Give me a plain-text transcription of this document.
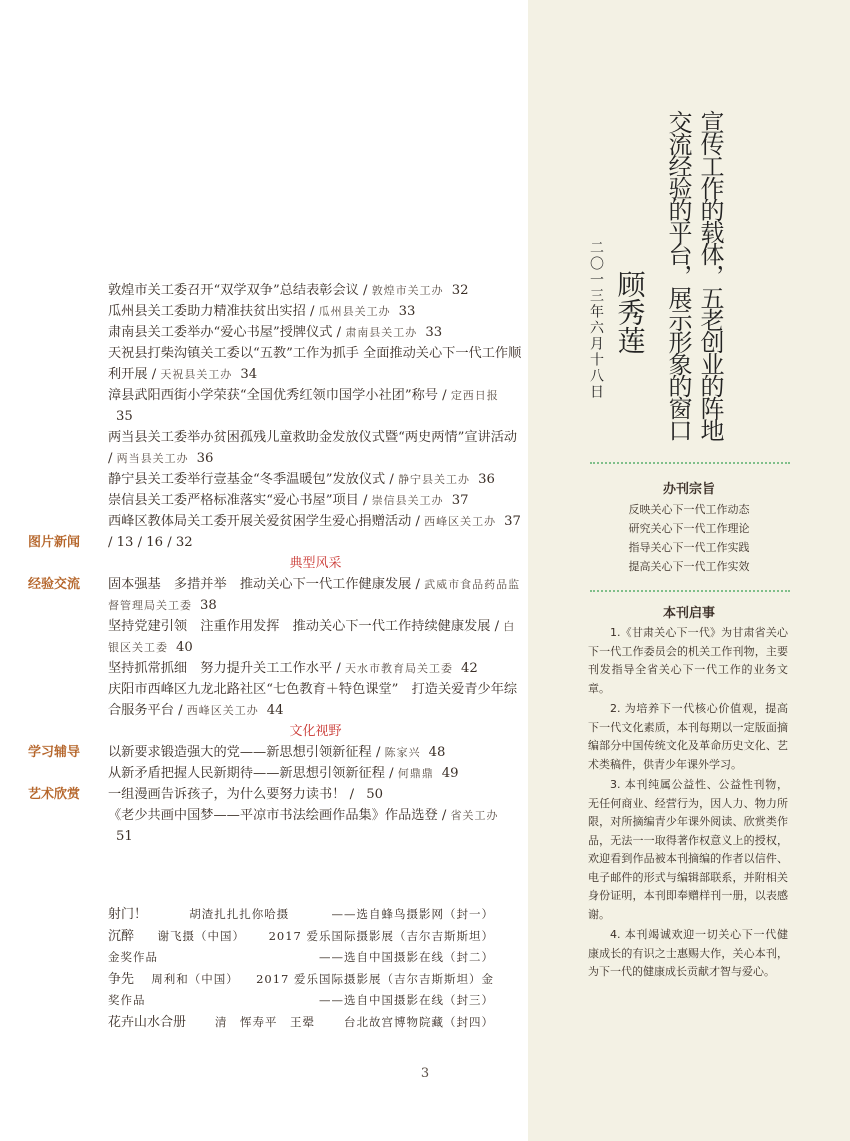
宣传工作的载体，五老创业的阵地
交流经验的平台，展示形象的窗口
顾秀莲
二〇一三年六月十八日
办刊宗旨
反映关心下一代工作动态
研究关心下一代工作理论
指导关心下一代工作实践
提高关心下一代工作实效
本刊启事

1.《甘肃关心下一代》为甘肃省关心下一代工作委员会的机关工作刊物，主要刊发指导全省关心下一代工作的业务文章。

2. 为培养下一代核心价值观，提高下一代文化素质，本刊每期以一定版面摘编部分中国传统文化及革命历史文化、艺术类稿件，供青少年课外学习。

3. 本刊纯属公益性、公益性刊物，无任何商业、经营行为，因人力、物力所限，对所摘编青少年课外阅读、欣赏类作品，无法一一取得著作权意义上的授权，欢迎看到作品被本刊摘编的作者以信件、电子邮件的形式与编辑部联系，并附相关身份证明，本刊即奉赠样刊一册，以表感谢。

4. 本刊竭诚欢迎一切关心下一代健康成长的有识之士惠赐大作，关心本刊，为下一代的健康成长贡献才智与爱心。

敦煌市关工委召开“双学双争”总结表彰会议 / 敦煌市关工办 32
瓜州县关工委助力精准扶贫出实招 / 瓜州县关工办 33
肃南县关工委举办“爱心书屋”授牌仪式 / 肃南县关工办 33
天祝县打柴沟镇关工委以“五教”工作为抓手 全面推动关心下一代工作顺利开展 / 天祝县关工办 34
漳县武阳西街小学荣获“全国优秀红领巾国学小社团”称号 / 定西日报35
两当县关工委举办贫困孤残儿童救助金发放仪式暨“两史两情”宣讲活动 / 两当县关工办 36
静宁县关工委举行壹基金“冬季温暖包”发放仪式 / 静宁县关工办 36
崇信县关工委严格标准落实“爱心书屋”项目 / 崇信县关工办 37
西峰区教体局关工委开展关爱贫困学生爱心捐赠活动 / 西峰区关工办 37
图片新闻	/ 13 / 16 / 32
典型风采
经验交流	固本强基　多措并举　推动关心下一代工作健康发展 / 武威市食品药品监督管理局关工委 38
坚持党建引领　注重作用发挥　推动关心下一代工作持续健康发展 / 白银区关工委 40
坚持抓常抓细　努力提升关工工作水平 / 天水市教育局关工委 42
庆阳市西峰区九龙北路社区“七色教育＋特色课堂”　打造关爱青少年综合服务平台 / 西峰区关工办 44
文化视野
学习辅导	以新要求锻造强大的党——新思想引领新征程 / 陈家兴 48
从新矛盾把握人民新期待——新思想引领新征程 / 何鼎鼎 49
艺术欣赏	一组漫画告诉孩子，为什么要努力读书！ / 50
《老少共画中国梦——平凉市书法绘画作品集》作品选登 / 省关工办51
射门！	胡渣扎扎扎你哈摄	——选自蜂鸟摄影网（封一）
沉醉 谢飞摄（中国） 2017 爱乐国际摄影展（吉尔吉斯斯坦）
金奖作品	——选自中国摄影在线（封二）
争先 周利和（中国） 2017 爱乐国际摄影展（吉尔吉斯斯坦）金
奖作品	——选自中国摄影在线（封三）
花卉山水合册	清　恽寿平　王翚	台北故宫博物院藏（封四）
3
